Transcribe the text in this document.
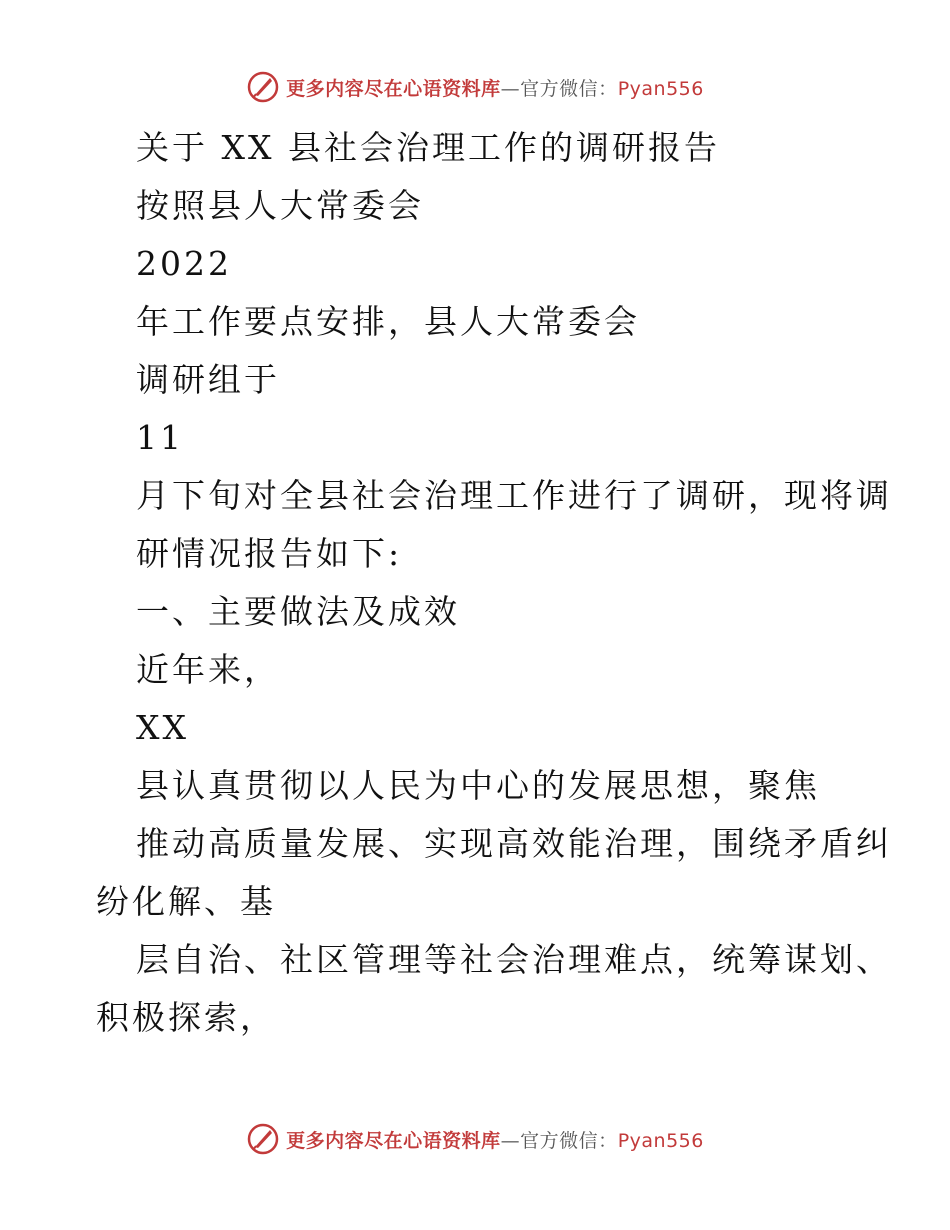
更多内容尽在心语资料库—官方微信：Pyan556
关于 XX 县社会治理工作的调研报告
按照县人大常委会
2022
年工作要点安排，县人大常委会
调研组于
11
月下旬对全县社会治理工作进行了调研，现将调
研情况报告如下:
一、主要做法及成效
近年来，
XX
县认真贯彻以人民为中心的发展思想，聚焦
推动高质量发展、实现高效能治理，围绕矛盾纠
纷化解、基
层自治、社区管理等社会治理难点，统筹谋划、
积极探索，
更多内容尽在心语资料库—官方微信：Pyan556
